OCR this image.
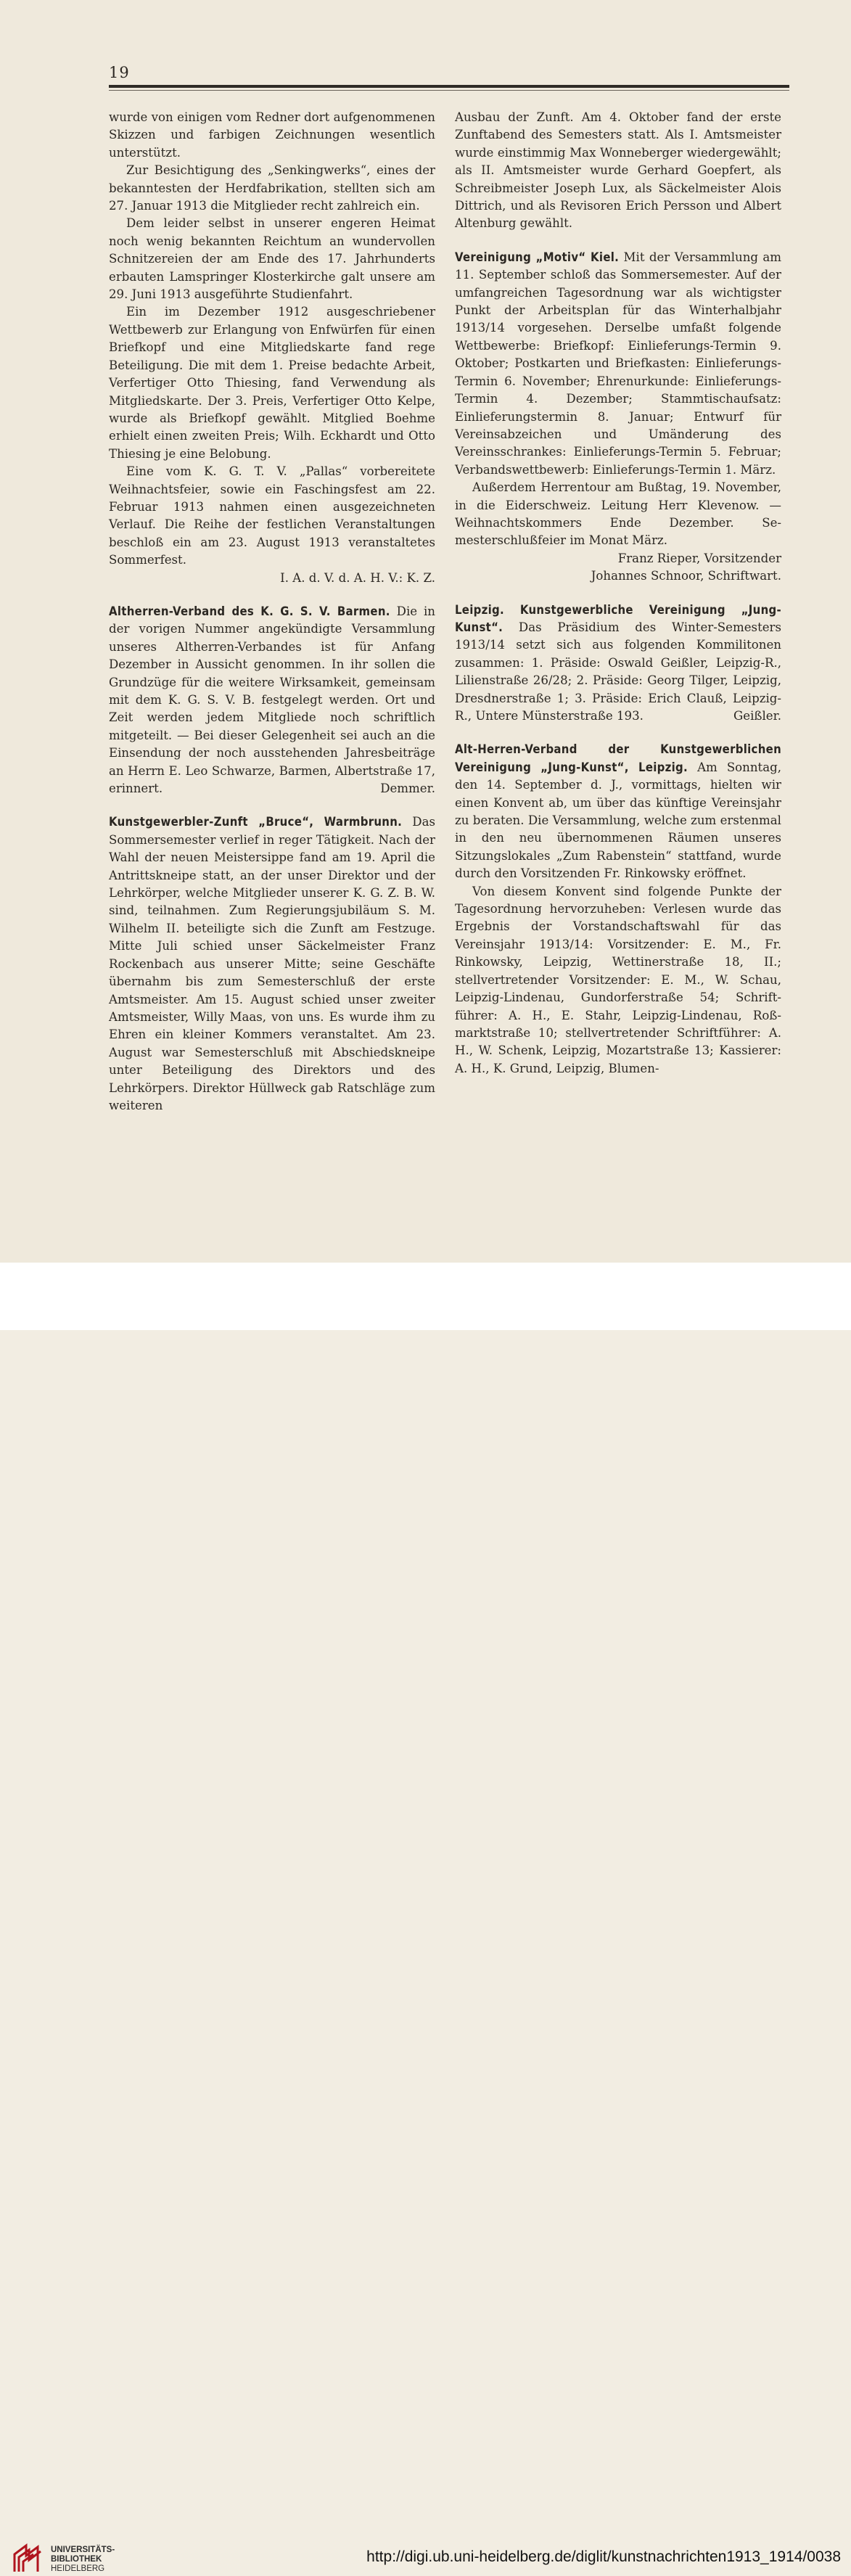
19

wurde von einigen vom Redner dort aufgenommenen Skizzen und farbigen Zeichnungen wesentlich unterstützt.

Zur Besichtigung des „Senkingwerks“, eines der bekanntesten der Herdfabrikation, stellten sich am 27. Januar 1913 die Mitglieder recht zahlreich ein.

Dem leider selbst in unserer engeren Heimat noch wenig bekannten Reichtum an wundervollen Schnitzereien der am Ende des 17. Jahrhunderts erbauten Lamspringer Klosterkirche galt unsere am 29. Juni 1913 ausgeführte Studienfahrt.

Ein im Dezember 1912 ausgeschriebener Wettbewerb zur Erlangung von Enfwürfen für einen Briefkopf und eine Mitgliedskarte fand rege Beteiligung. Die mit dem 1. Preise bedachte Arbeit, Verfertiger Otto Thiesing, fand Verwendung als Mitgliedskarte. Der 3. Preis, Verfertiger Otto Kelpe, wurde als Briefkopf gewählt. Mitglied Boehme erhielt einen zweiten Preis; Wilh. Eckhardt und Otto Thiesing je eine Belobung.

Eine vom K. G. T. V. „Pallas“ vorbereitete Weihnachtsfeier, sowie ein Faschingsfest am 22. Februar 1913 nahmen einen ausgezeichneten Verlauf. Die Reihe der festlichen Veranstaltungen beschloß ein am 23. August 1913 veranstaltetes Sommerfest.

I. A. d. V. d. A. H. V.: K. Z.

Altherren-Verband des K. G. S. V. Barmen. Die in der vorigen Nummer angekündigte Versammlung unseres Altherren-Verbandes ist für Anfang Dezember in Aussicht genommen. In ihr sollen die Grundzüge für die weitere Wirksamkeit, gemeinsam mit dem K. G. S. V. B. festgelegt werden. Ort und Zeit werden jedem Mitgliede noch schriftlich mitgeteilt. — Bei dieser Gelegenheit sei auch an die Einsendung der noch ausstehenden Jahresbeiträge an Herrn E. Leo Schwarze, Barmen, Albertstraße 17, erinnert.	Demmer.

Kunstgewerbler-Zunft „Bruce“, Warmbrunn. Das Sommersemester verlief in reger Tätigkeit. Nach der Wahl der neuen Meistersippe fand am 19. April die Antrittskneipe statt, an der unser Direktor und der Lehrkörper, welche Mitglieder unserer K. G. Z. B. W. sind, teilnahmen. Zum Regierungsjubiläum S. M. Wilhelm II. beteiligte sich die Zunft am Festzuge. Mitte Juli schied unser Säckelmeister Franz Rockenbach aus unserer Mitte; seine Geschäfte übernahm bis zum Semesterschluß der erste Amtsmeister. Am 15. August schied unser zweiter Amtsmeister, Willy Maas, von uns. Es wurde ihm zu Ehren ein kleiner Kommers veranstaltet. Am 23. August war Semesterschluß mit Abschiedskneipe unter Beteiligung des Direktors und des Lehrkörpers. Direktor Hüllweck gab Ratschläge zum weiteren

Ausbau der Zunft. Am 4. Oktober fand der erste Zunftabend des Semesters statt. Als I. Amtsmeister wurde einstimmig Max Wonneberger wiedergewählt; als II. Amtsmeister wurde Gerhard Goepfert, als Schreibmeister Joseph Lux, als Säckelmeister Alois Dittrich, und als Revisoren Erich Persson und Albert Altenburg gewählt.

Vereinigung „Motiv“ Kiel. Mit der Versammlung am 11. September schloß das Sommersemester. Auf der umfangreichen Tagesordnung war als wichtigster Punkt der Arbeitsplan für das Winterhalbjahr 1913/14 vorgesehen. Derselbe umfaßt folgende Wettbewerbe: Briefkopf: Einlieferungs-Termin 9. Oktober; Postkarten und Briefkasten: Einlieferungs-Termin 6. November; Ehrenurkunde: Einlieferungs-Termin 4. Dezember; Stammtischaufsatz: Einlieferungstermin 8. Januar; Entwurf für Vereinsabzeichen und Umänderung des Vereinsschrankes: Einlieferungs-Termin 5. Februar; Verbandswettbewerb: Einlieferungs-Termin 1. März.

Außerdem Herrentour am Bußtag, 19. November, in die Eiderschweiz. Leitung Herr Klevenow. — Weihnachtskommers Ende Dezember. Semesterschlußfeier im Monat März.

Franz Rieper, Vorsitzender

Johannes Schnoor, Schriftwart.

Leipzig. Kunstgewerbliche Vereinigung „Jung-Kunst“. Das Präsidium des Winter-Semesters 1913/14 setzt sich aus folgenden Kommilitonen zusammen: 1. Präside: Oswald Geißler, Leipzig-R., Lilienstraße 26/28; 2. Präside: Georg Tilger, Leipzig, Dresdnerstraße 1; 3. Präside: Erich Clauß, Leipzig-R., Untere Münsterstraße 193.	Geißler.

Alt-Herren-Verband der Kunstgewerblichen Vereinigung „Jung-Kunst“, Leipzig. Am Sonntag, den 14. September d. J., vormittags, hielten wir einen Konvent ab, um über das künftige Vereinsjahr zu beraten. Die Versammlung, welche zum erstenmal in den neu übernommenen Räumen unseres Sitzungslokales „Zum Rabenstein“ stattfand, wurde durch den Vorsitzenden Fr. Rinkowsky eröffnet.

Von diesem Konvent sind folgende Punkte der Tagesordnung hervorzuheben: Verlesen wurde das Ergebnis der Vorstandschaftswahl für das Vereinsjahr 1913/14: Vorsitzender: E. M., Fr. Rinkowsky, Leipzig, Wettinerstraße 18, II.; stellvertretender Vorsitzender: E. M., W. Schau, Leipzig-Lindenau, Gundorferstraße 54; Schriftführer: A. H., E. Stahr, Leipzig-Lindenau, Roßmarktstraße 10; stellvertretender Schriftführer: A. H., W. Schenk, Leipzig, Mozartstraße 13; Kassierer: A. H., K. Grund, Leipzig, Blumen-

UNIVERSITÄTS-
BIBLIOTHEK
HEIDELBERG
http://digi.ub.uni-heidelberg.de/diglit/kunstnachrichten1913_1914/0038
